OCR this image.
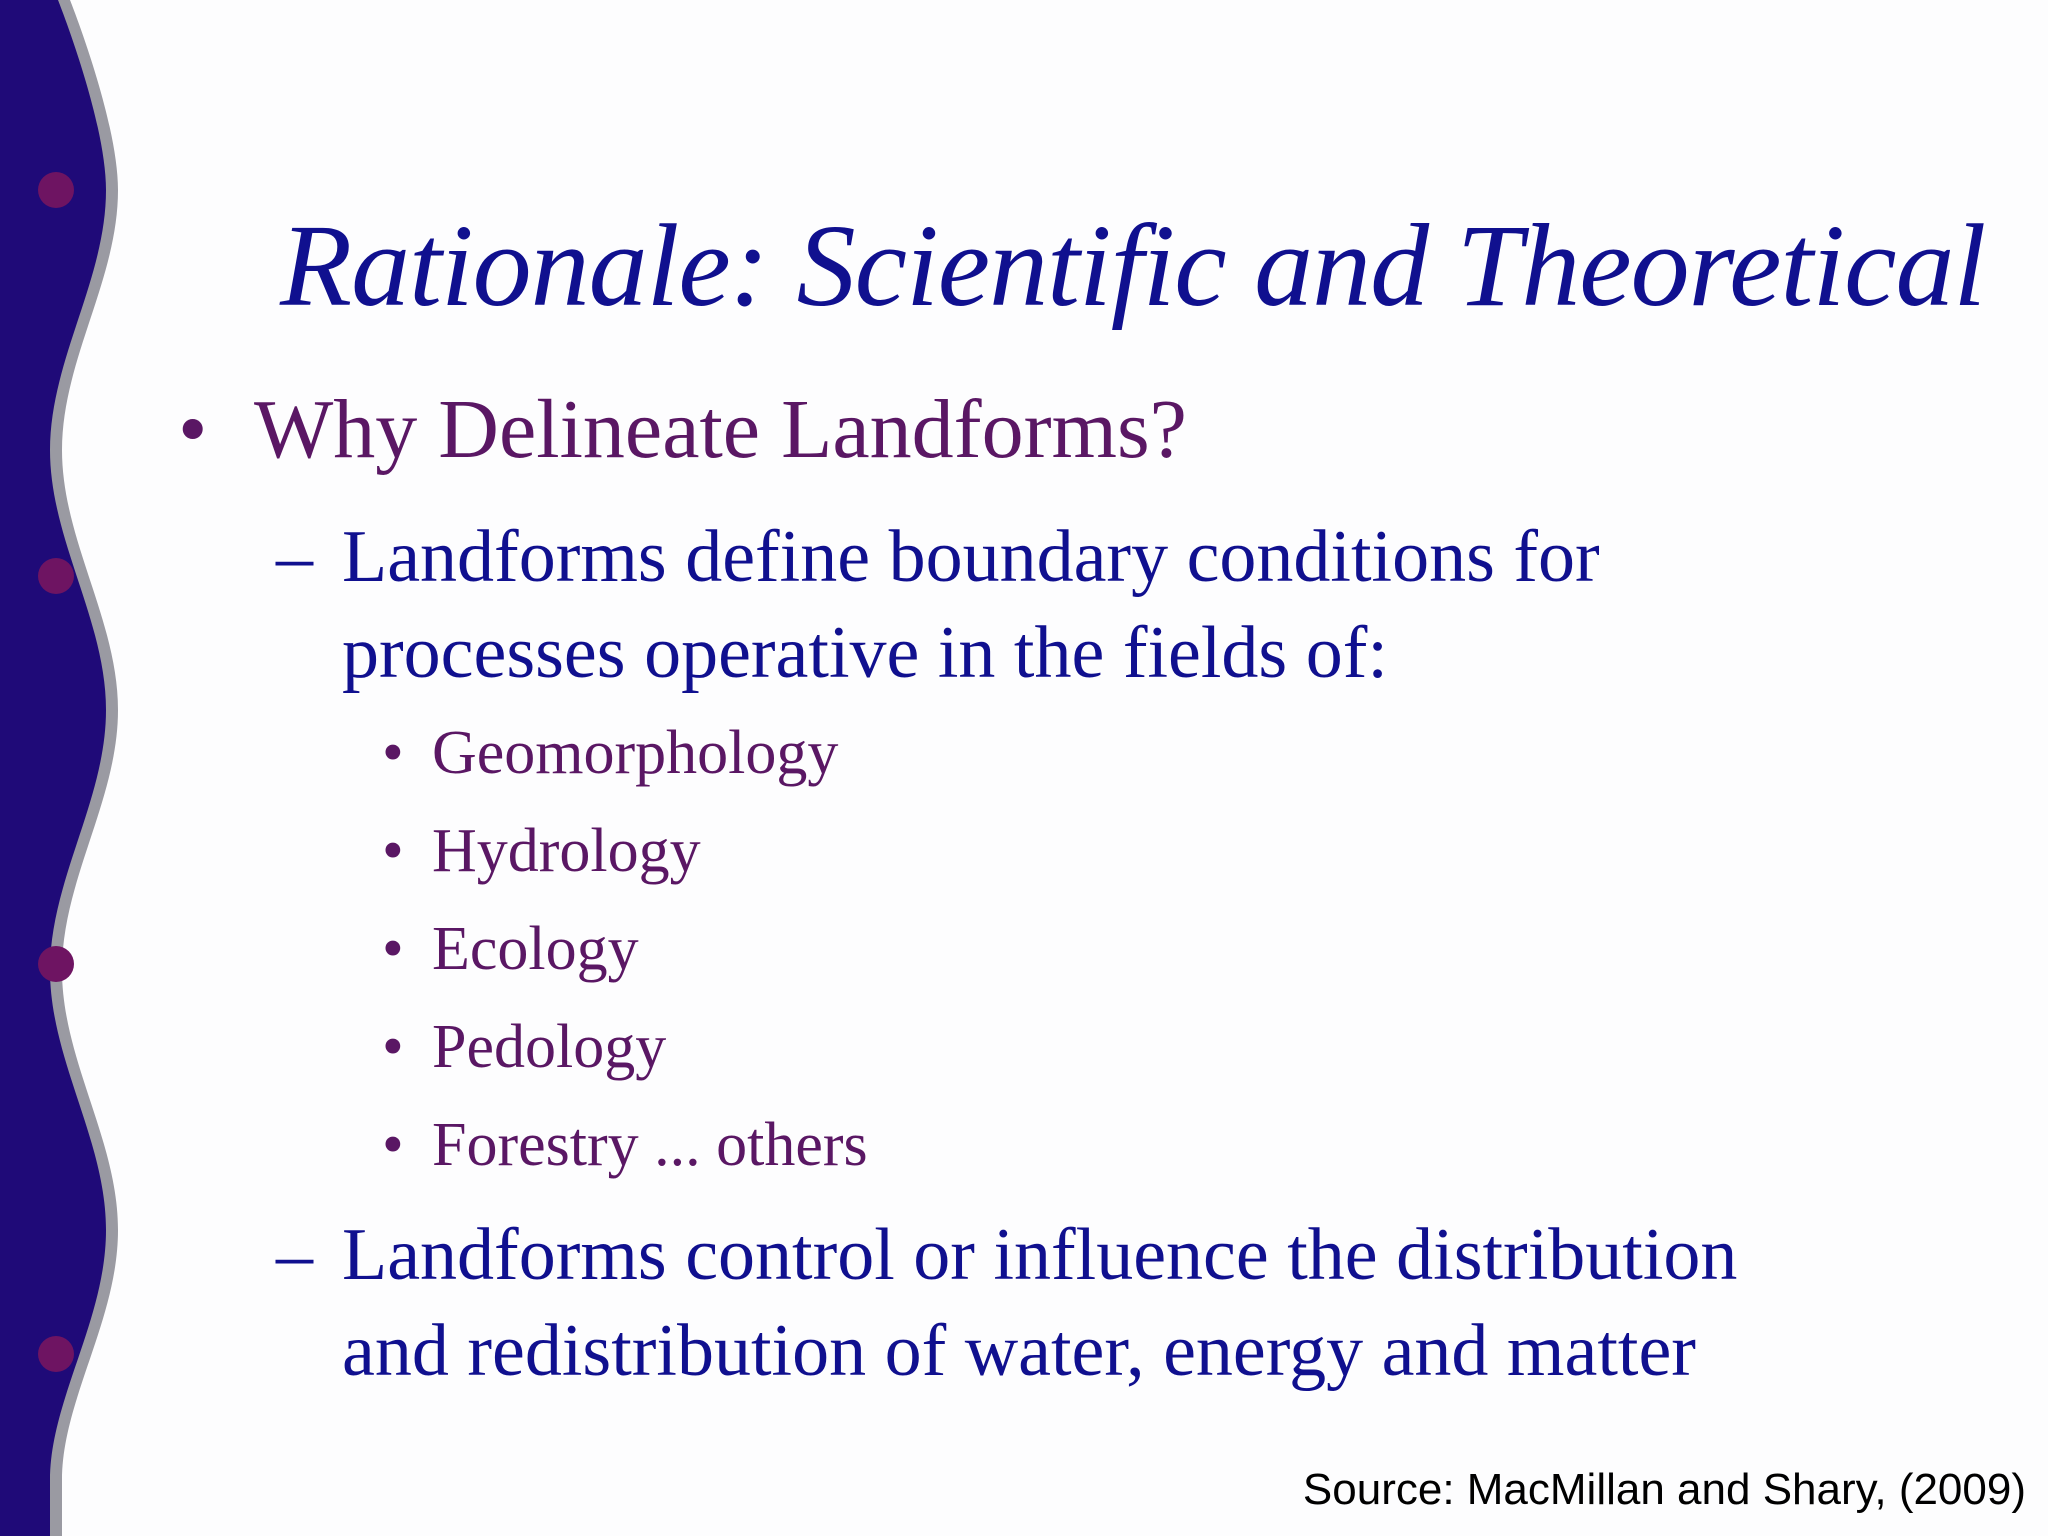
Rationale: Scientific and Theoretical
• Why Delineate Landforms?
– Landforms define boundary conditions for
processes operative in the fields of:
• Geomorphology
• Hydrology
• Ecology
• Pedology
• Forestry ... others
– Landforms control or influence the distribution
and redistribution of water, energy and matter
Source: MacMillan and Shary, (2009)
